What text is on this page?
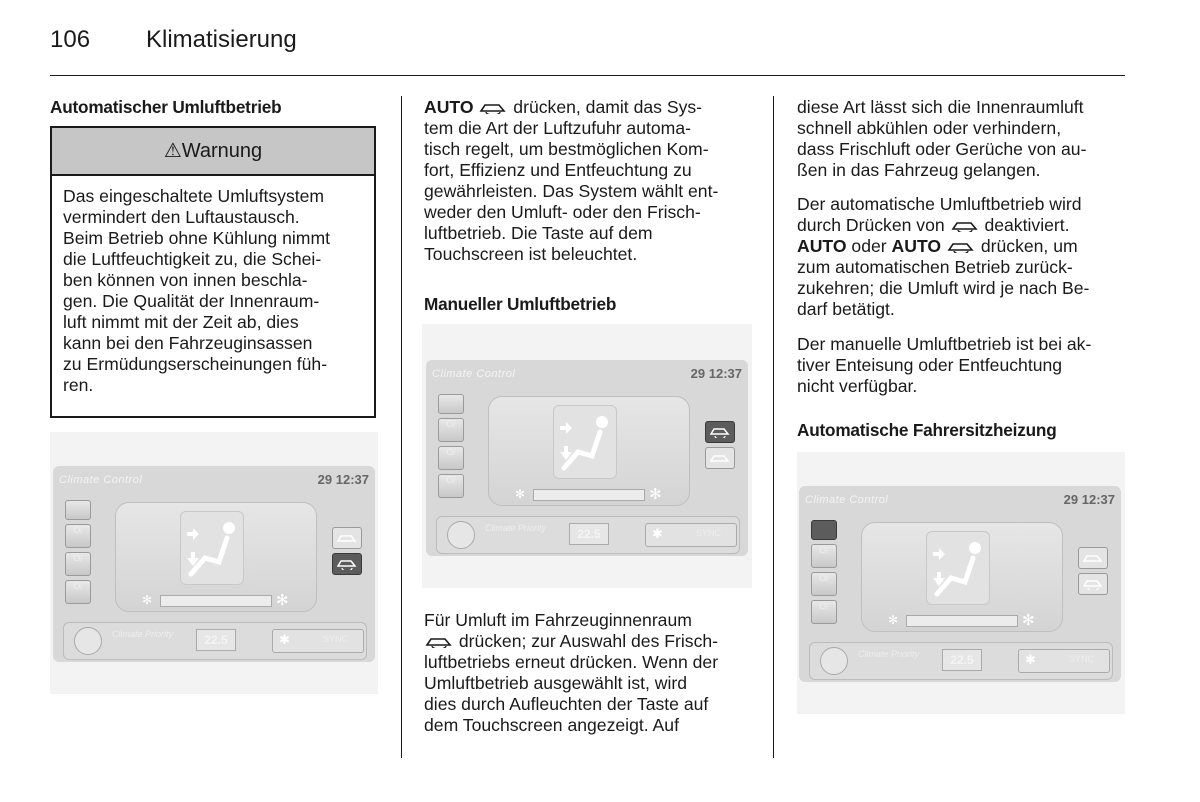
106 Klimatisierung
Automatischer Umluftbetrieb
⚠Warnung
Das eingeschaltete Umluftsystem
vermindert den Luftaustausch.
Beim Betrieb ohne Kühlung nimmt
die Luftfeuchtigkeit zu, die Schei-
ben können von innen beschla-
gen. Die Qualität der Innenraum-
luft nimmt mit der Zeit ab, dies
kann bei den Fahrzeuginsassen
zu Ermüdungserscheinungen füh-
ren.
Climate Control	29 12:37
O/
O/
O/
✻	✻
Climate Priority	22.5	✱	SYNC
AUTO  drücken, damit das Sys-
tem die Art der Luftzufuhr automa-
tisch regelt, um bestmöglichen Kom-
fort, Effizienz und Entfeuchtung zu
gewährleisten. Das System wählt ent-
weder den Umluft- oder den Frisch-
luftbetrieb. Die Taste auf dem
Touchscreen ist beleuchtet.
Manueller Umluftbetrieb
Climate Control	29 12:37
O/
O/
O/
✻	✻
Climate Priority	22.5	✱	SYNC
Für Umluft im Fahrzeuginnenraum
drücken; zur Auswahl des Frisch-
luftbetriebs erneut drücken. Wenn der
Umluftbetrieb ausgewählt ist, wird
dies durch Aufleuchten der Taste auf
dem Touchscreen angezeigt. Auf
diese Art lässt sich die Innenraumluft
schnell abkühlen oder verhindern,
dass Frischluft oder Gerüche von au-
ßen in das Fahrzeug gelangen.
Der automatische Umluftbetrieb wird
durch Drücken von  deaktiviert.
AUTO oder AUTO  drücken, um
zum automatischen Betrieb zurück-
zukehren; die Umluft wird je nach Be-
darf betätigt.
Der manuelle Umluftbetrieb ist bei ak-
tiver Enteisung oder Entfeuchtung
nicht verfügbar.
Automatische Fahrersitzheizung
Climate Control	29 12:37
O/
O/
O/
✻	✻
Climate Priority	22.5	✱	SYNC
